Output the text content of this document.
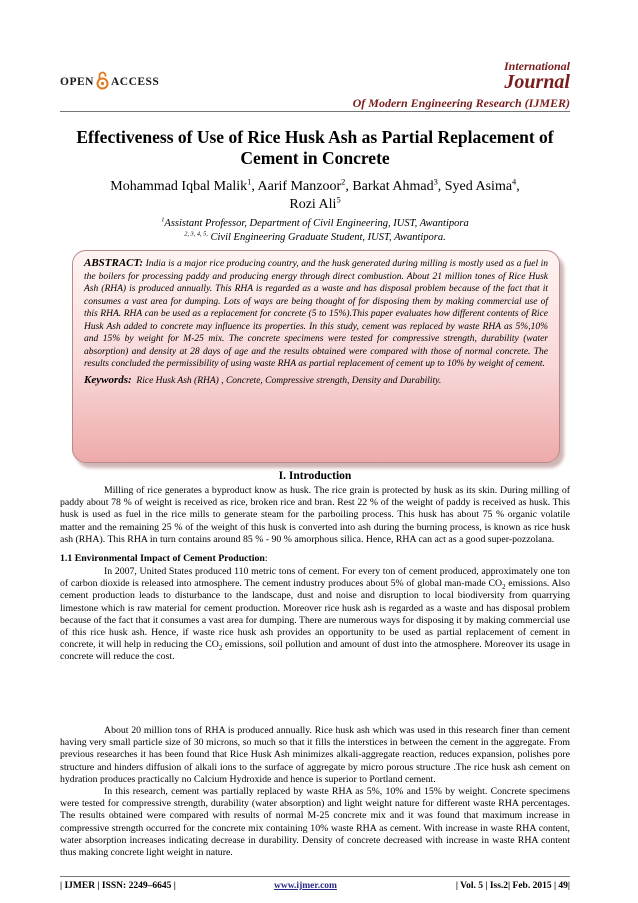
OPEN ACCESS
International
Journal
Of Modern Engineering Research (IJMER)
Effectiveness of Use of Rice Husk Ash as Partial Replacement of Cement in Concrete
Mohammad Iqbal Malik$^1$, Aarif Manzoor$^2$, Barkat Ahmad$^3$, Syed Asima$^4$,
Rozi Ali$^5$
$^1$Assistant Professor, Department of Civil Engineering, IUST, Awantipora
$^{2, 3, 4, 5,}$ Civil Engineering Graduate Student, IUST, Awantipora.

ABSTRACT: India is a major rice producing country, and the husk generated during milling is mostly used as a fuel in the boilers for processing paddy and producing energy through direct combustion. About 21 million tones of Rice Husk Ash (RHA) is produced annually. This RHA is regarded as a waste and has disposal problem because of the fact that it consumes a vast area for dumping. Lots of ways are being thought of for disposing them by making commercial use of this RHA. RHA can be used as a replacement for concrete (5 to 15%).This paper evaluates how different contents of Rice Husk Ash added to concrete may influence its properties. In this study, cement was replaced by waste RHA as 5%,10% and 15% by weight for M-25 mix. The concrete specimens were tested for compressive strength, durability (water absorption) and density at 28 days of age and the results obtained were compared with those of normal concrete. The results concluded the permissibility of using waste RHA as partial replacement of cement up to 10% by weight of cement.

Keywords: Rice Husk Ash (RHA) , Concrete, Compressive strength, Density and Durability.

I. Introduction

Milling of rice generates a byproduct know as husk. The rice grain is protected by husk as its skin. During milling of paddy about 78 % of weight is received as rice, broken rice and bran. Rest 22 % of the weight of paddy is received as husk. This husk is used as fuel in the rice mills to generate steam for the parboiling process. This husk has about 75 % organic volatile matter and the remaining 25 % of the weight of this husk is converted into ash during the burning process, is known as rice husk ash (RHA). This RHA in turn contains around 85 % - 90 % amorphous silica. Hence, RHA can act as a good super-pozzolana.

1.1 Environmental Impact of Cement Production:

In 2007, United States produced 110 metric tons of cement. For every ton of cement produced, approximately one ton of carbon dioxide is released into atmosphere. The cement industry produces about 5% of global man-made $CO_2$ emissions. Also cement production leads to disturbance to the landscape, dust and noise and disruption to local biodiversity from quarrying limestone which is raw material for cement production. Moreover rice husk ash is regarded as a waste and has disposal problem because of the fact that it consumes a vast area for dumping. There are numerous ways for disposing it by making commercial use of this rice husk ash. Hence, if waste rice husk ash provides an opportunity to be used as partial replacement of cement in concrete, it will help in reducing the $CO_2$ emissions, soil pollution and amount of dust into the atmosphere. Moreover its usage in concrete will reduce the cost.

About 20 million tons of RHA is produced annually. Rice husk ash which was used in this research finer than cement having very small particle size of 30 microns, so much so that it fills the interstices in between the cement in the aggregate. From previous researches it has been found that Rice Husk Ash minimizes alkali-aggregate reaction, reduces expansion, polishes pore structure and hinders diffusion of alkali ions to the surface of aggregate by micro porous structure .The rice husk ash cement on hydration produces practically no Calcium Hydroxide and hence is superior to Portland cement.

In this research, cement was partially replaced by waste RHA as 5%, 10% and 15% by weight. Concrete specimens were tested for compressive strength, durability (water absorption) and light weight nature for different waste RHA percentages. The results obtained were compared with results of normal M-25 concrete mix and it was found that maximum increase in compressive strength occurred for the concrete mix containing 10% waste RHA as cement. With increase in waste RHA content, water absorption increases indicating decrease in durability. Density of concrete decreased with increase in waste RHA content thus making concrete light weight in nature.

| IJMER | ISSN: 2249–6645 |	www.ijmer.com	| Vol. 5 | Iss.2| Feb. 2015 | 49|
